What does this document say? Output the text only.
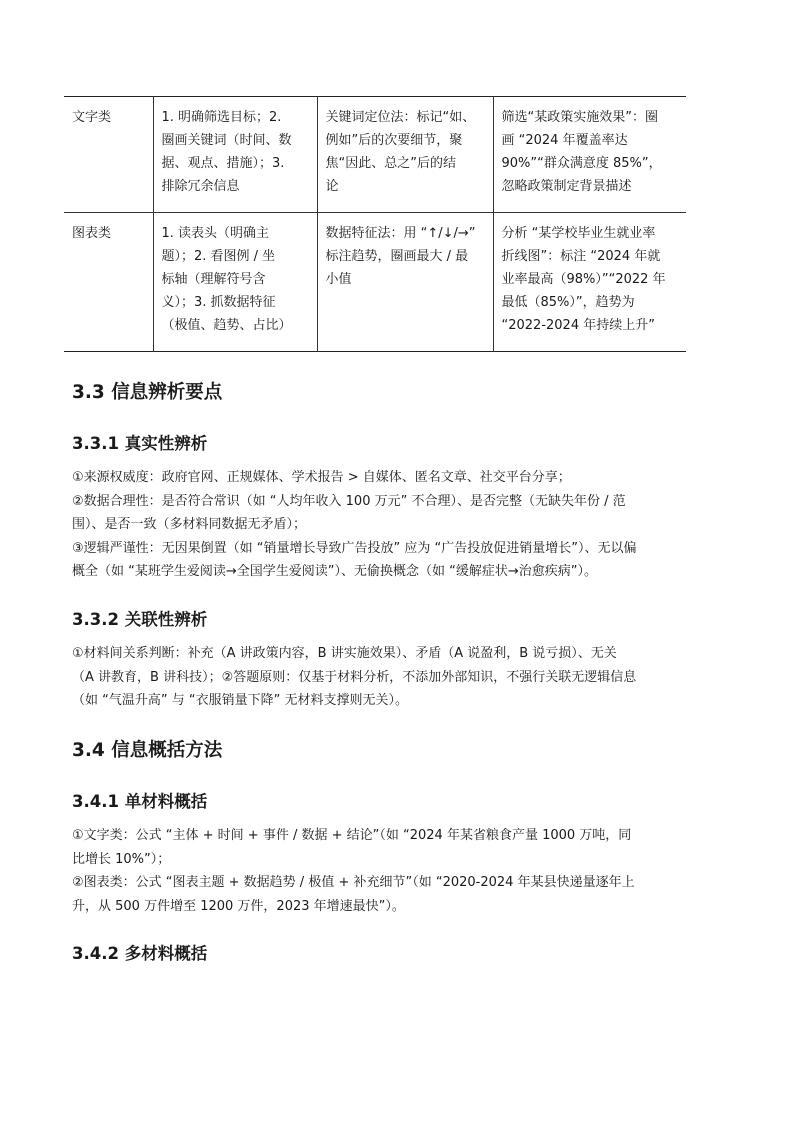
文字类	1. 明确筛选目标；2.
圈画关键词（时间、数
据、观点、措施）；3.
排除冗余信息	关键词定位法：标记“如、
例如”后的次要细节，聚
焦“因此、总之”后的结
论	筛选“某政策实施效果”：圈
画 “2024 年覆盖率达
90%”“群众满意度 85%”，
忽略政策制定背景描述

图表类	1. 读表头（明确主
题）；2. 看图例 / 坐
标轴（理解符号含
义）；3. 抓数据特征
（极值、趋势、占比）	数据特征法：用 “↑/↓/→”
标注趋势，圈画最大 / 最
小值	分析 “某学校毕业生就业率
折线图”：标注 “2024 年就
业率最高（98%）”“2022 年
最低（85%）”，趋势为
“2022-2024 年持续上升”
3.3 信息辨析要点
3.3.1 真实性辨析
①来源权威度：政府官网、正规媒体、学术报告 > 自媒体、匿名文章、社交平台分享；
②数据合理性：是否符合常识（如 “人均年收入 100 万元” 不合理）、是否完整（无缺失年份 / 范
围）、是否一致（多材料同数据无矛盾）；
③逻辑严谨性：无因果倒置（如 “销量增长导致广告投放” 应为 “广告投放促进销量增长”）、无以偏
概全（如 “某班学生爱阅读→全国学生爱阅读”）、无偷换概念（如 “缓解症状→治愈疾病”）。
3.3.2 关联性辨析
①材料间关系判断：补充（A 讲政策内容，B 讲实施效果）、矛盾（A 说盈利，B 说亏损）、无关
（A 讲教育，B 讲科技）；②答题原则：仅基于材料分析，不添加外部知识，不强行关联无逻辑信息
（如 “气温升高” 与 “衣服销量下降” 无材料支撑则无关）。
3.4 信息概括方法
3.4.1 单材料概括
①文字类：公式 “主体 + 时间 + 事件 / 数据 + 结论”（如 “2024 年某省粮食产量 1000 万吨，同
比增长 10%”）；
②图表类：公式 “图表主题 + 数据趋势 / 极值 + 补充细节”（如 “2020-2024 年某县快递量逐年上
升，从 500 万件增至 1200 万件，2023 年增速最快”）。
3.4.2 多材料概括
